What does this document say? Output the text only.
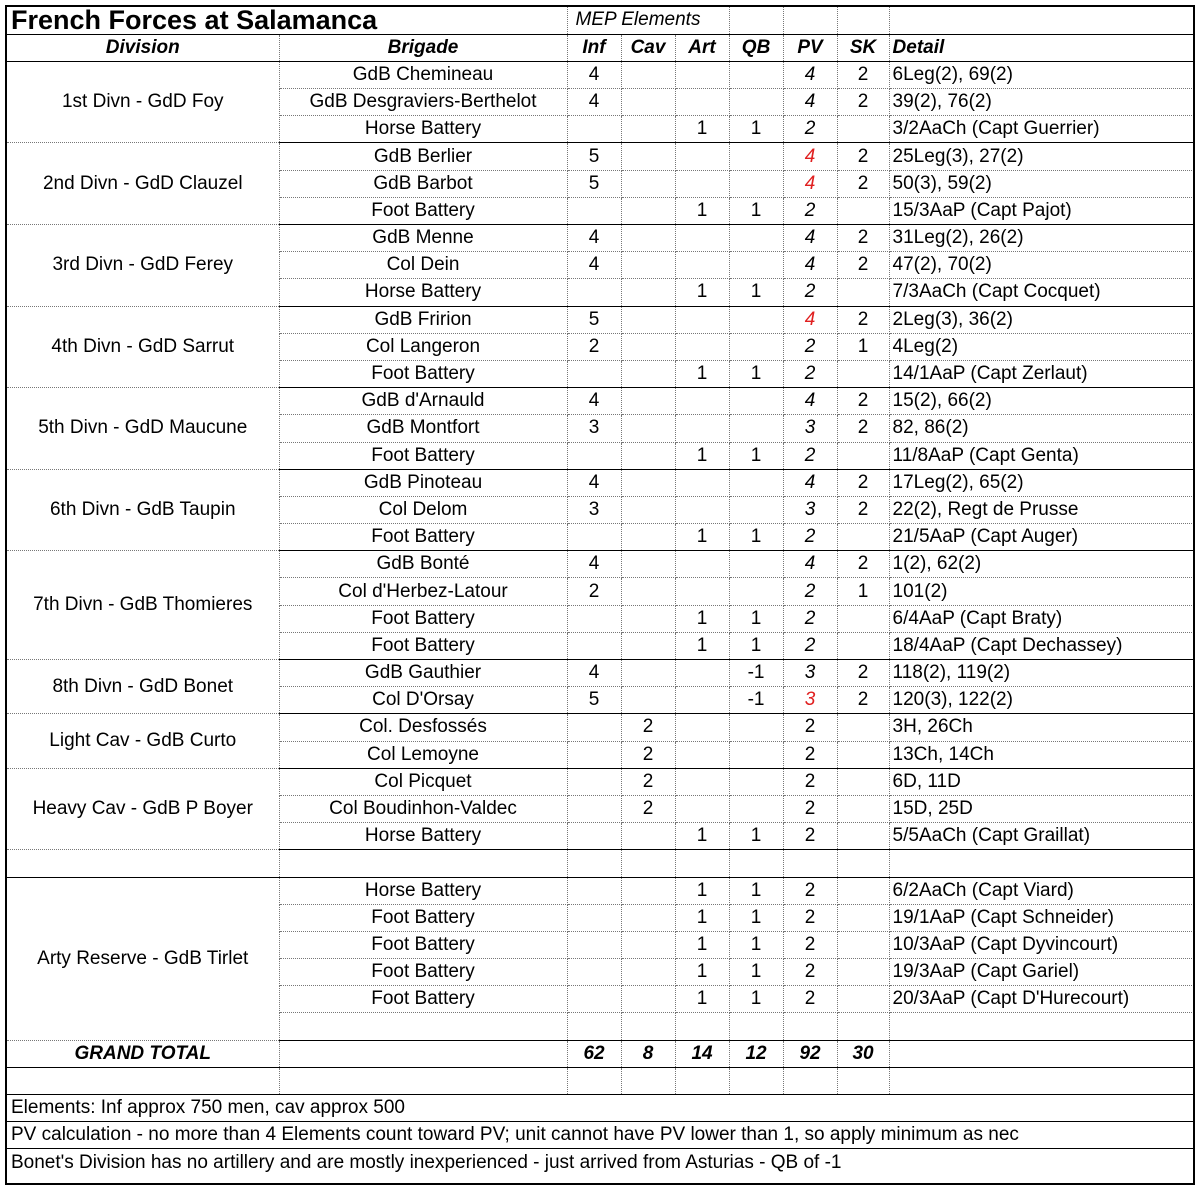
French Forces at Salamanca		MEP Elements						
Division	Brigade	Inf	Cav	Art	QB	PV	SK	Detail
1st Divn - GdD Foy	GdB Chemineau	4				4	2	6Leg(2), 69(2)
	GdB Desgraviers-Berthelot	4				4	2	39(2), 76(2)
	Horse Battery			1	1	2		3/2AaCh (Capt Guerrier)
2nd Divn - GdD Clauzel	GdB Berlier	5				4	2	25Leg(3), 27(2)
	GdB Barbot	5				4	2	50(3), 59(2)
	Foot Battery			1	1	2		15/3AaP (Capt Pajot)
3rd Divn - GdD Ferey	GdB Menne	4				4	2	31Leg(2), 26(2)
	Col Dein	4				4	2	47(2), 70(2)
	Horse Battery			1	1	2		7/3AaCh (Capt Cocquet)
4th Divn - GdD Sarrut	GdB Fririon	5				4	2	2Leg(3), 36(2)
	Col Langeron	2				2	1	4Leg(2)
	Foot Battery			1	1	2		14/1AaP (Capt Zerlaut)
5th Divn - GdD Maucune	GdB d'Arnauld	4				4	2	15(2), 66(2)
	GdB Montfort	3				3	2	82, 86(2)
	Foot Battery			1	1	2		11/8AaP (Capt Genta)
6th Divn - GdB Taupin	GdB Pinoteau	4				4	2	17Leg(2), 65(2)
	Col Delom	3				3	2	22(2), Regt de Prusse
	Foot Battery			1	1	2		21/5AaP (Capt Auger)
7th Divn - GdB Thomieres	GdB Bonté	4				4	2	1(2), 62(2)
	Col d'Herbez-Latour	2				2	1	101(2)
	Foot Battery			1	1	2		6/4AaP (Capt Braty)
	Foot Battery			1	1	2		18/4AaP (Capt Dechassey)
8th Divn - GdD Bonet	GdB Gauthier	4			-1	3	2	118(2), 119(2)
	Col D'Orsay	5			-1	3	2	120(3), 122(2)
Light Cav - GdB Curto	Col. Desfossés		2			2		3H, 26Ch
	Col Lemoyne		2			2		13Ch, 14Ch
Heavy Cav - GdB P Boyer	Col Picquet		2			2		6D, 11D
	Col Boudinhon-Valdec		2			2		15D, 25D
	Horse Battery			1	1	2		5/5AaCh (Capt Graillat)

Arty Reserve - GdB Tirlet	Horse Battery			1	1	2		6/2AaCh (Capt Viard)
	Foot Battery			1	1	2		19/1AaP (Capt Schneider)
	Foot Battery			1	1	2		10/3AaP (Capt Dyvincourt)
	Foot Battery			1	1	2		19/3AaP (Capt Gariel)
	Foot Battery			1	1	2		20/3AaP (Capt D'Hurecourt)

GRAND TOTAL		62	8	14	12	92	30	

Elements: Inf approx 750 men, cav approx 500								
PV calculation - no more than 4 Elements count toward PV; unit cannot have PV lower than 1, so apply minimum as nec								
Bonet's Division has no artillery and are mostly inexperienced - just arrived from Asturias - QB of -1								
